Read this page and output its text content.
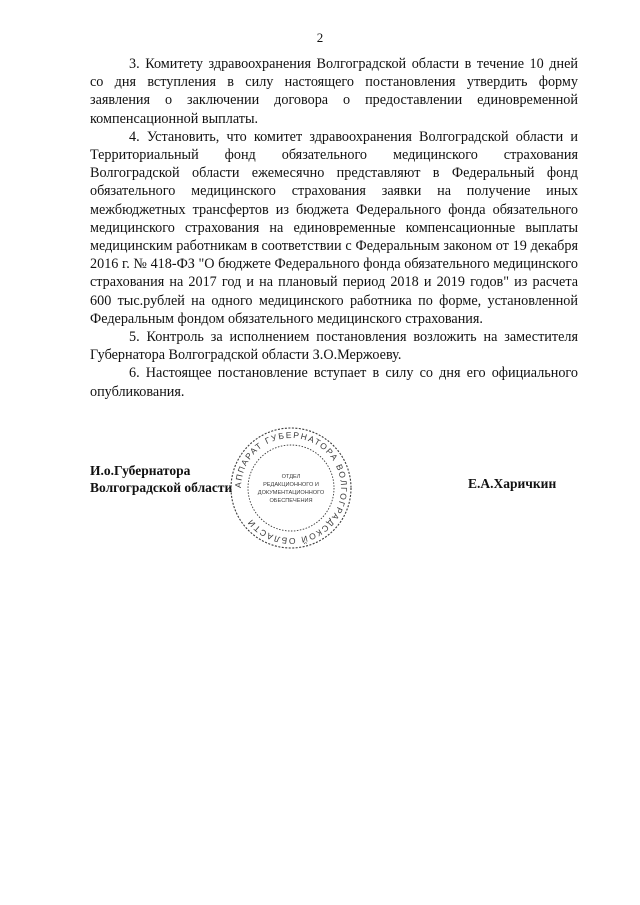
2

3. Комитету здравоохранения Волгоградской области в течение 10 дней со дня вступления в силу настоящего постановления утвердить форму заявления о заключении договора о предоставлении единовременной компенсационной выплаты.

4. Установить, что комитет здравоохранения Волгоградской области и Территориальный фонд обязательного медицинского страхования Волгоградской области ежемесячно представляют в Федеральный фонд обязательного медицинского страхования заявки на получение иных межбюджетных трансфертов из бюджета Федерального фонда обязательного медицинского страхования на единовременные компенсационные выплаты медицинским работникам в соответствии с Федеральным законом от 19 декабря 2016 г. № 418-ФЗ "О бюджете Федерального фонда обязательного медицинского страхования на 2017 год и на плановый период 2018 и 2019 годов" из расчета 600 тыс.рублей на одного медицинского работника по форме, установленной Федеральным фондом обязательного медицинского страхования.

5. Контроль за исполнением постановления возложить на заместителя Губернатора Волгоградской области З.О.Мержоеву.

6. Настоящее постановление вступает в силу со дня его официального опубликования.

И.о.Губернатора
Волгоградской области АППАРАТ ГУБЕРНАТОРА ВОЛГОГРАДСКОЙ ОБЛАСТИ
ОТДЕЛ
РЕДАКЦИОННОГО И
ДОКУМЕНТАЦИОННОГО
ОБЕСПЕЧЕНИЯ
Е.А.Харичкин
